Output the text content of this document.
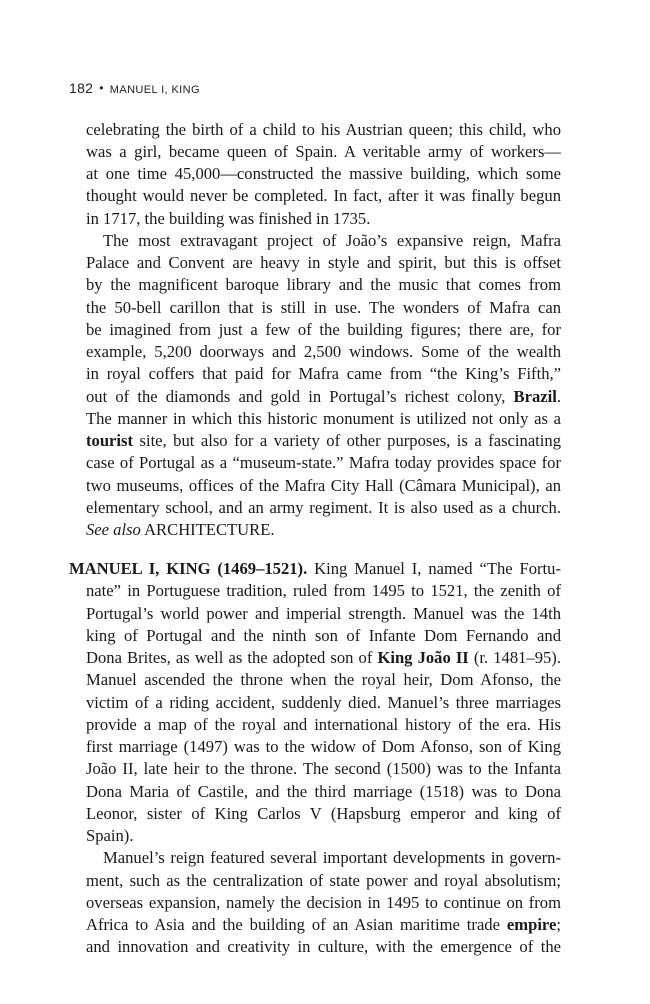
182 • MANUEL I, KING
celebrating the birth of a child to his Austrian queen; this child, who
was a girl, became queen of Spain. A veritable army of workers—
at one time 45,000—constructed the massive building, which some
thought would never be completed. In fact, after it was finally begun
in 1717, the building was finished in 1735.
The most extravagant project of João’s expansive reign, Mafra
Palace and Convent are heavy in style and spirit, but this is offset
by the magnificent baroque library and the music that comes from
the 50-bell carillon that is still in use. The wonders of Mafra can
be imagined from just a few of the building figures; there are, for
example, 5,200 doorways and 2,500 windows. Some of the wealth
in royal coffers that paid for Mafra came from “the King’s Fifth,”
out of the diamonds and gold in Portugal’s richest colony, Brazil.
The manner in which this historic monument is utilized not only as a
tourist site, but also for a variety of other purposes, is a fascinating
case of Portugal as a “museum-state.” Mafra today provides space for
two museums, offices of the Mafra City Hall (Câmara Municipal), an
elementary school, and an army regiment. It is also used as a church.
See also ARCHITECTURE.
MANUEL I, KING (1469–1521). King Manuel I, named “The Fortu-
nate” in Portuguese tradition, ruled from 1495 to 1521, the zenith of
Portugal’s world power and imperial strength. Manuel was the 14th
king of Portugal and the ninth son of Infante Dom Fernando and
Dona Brites, as well as the adopted son of King João II (r. 1481–95).
Manuel ascended the throne when the royal heir, Dom Afonso, the
victim of a riding accident, suddenly died. Manuel’s three marriages
provide a map of the royal and international history of the era. His
first marriage (1497) was to the widow of Dom Afonso, son of King
João II, late heir to the throne. The second (1500) was to the Infanta
Dona Maria of Castile, and the third marriage (1518) was to Dona
Leonor, sister of King Carlos V (Hapsburg emperor and king of
Spain).
Manuel’s reign featured several important developments in govern-
ment, such as the centralization of state power and royal absolutism;
overseas expansion, namely the decision in 1495 to continue on from
Africa to Asia and the building of an Asian maritime trade empire;
and innovation and creativity in culture, with the emergence of the
